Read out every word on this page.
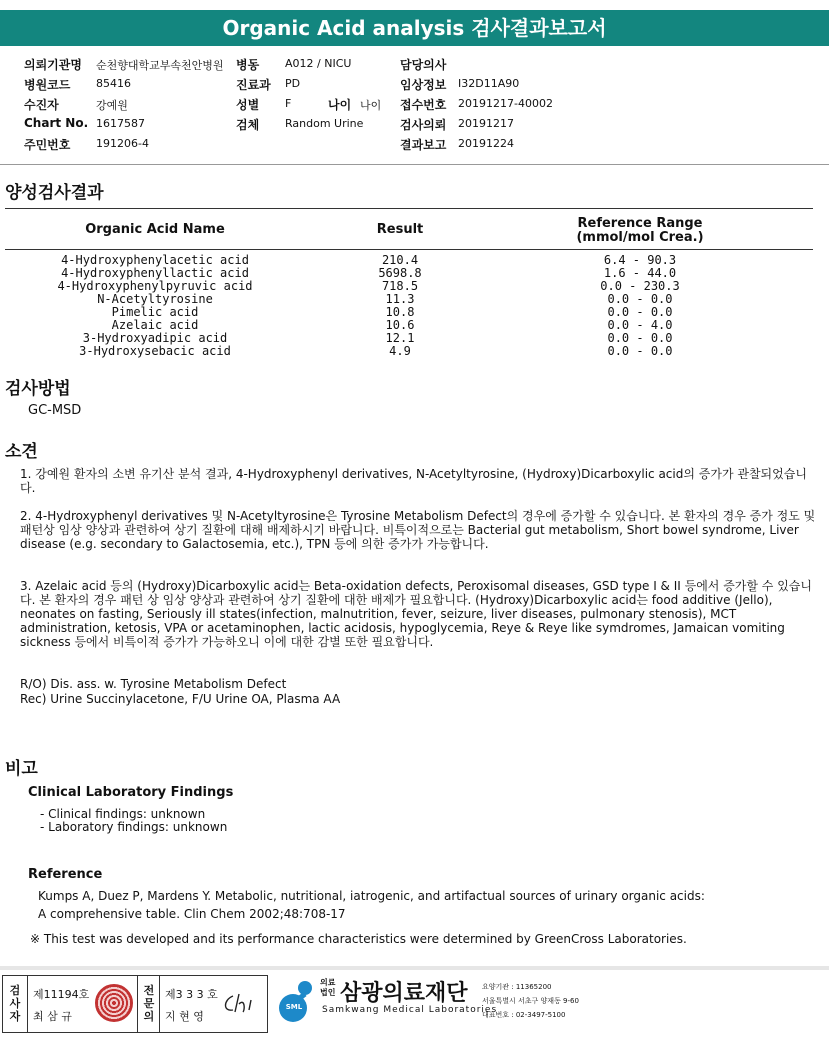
Organic Acid analysis 검사결과보고서
의뢰기관명 순천향대학교부속천안병원 병동 A012 / NICU	담당의사
병원코드 85416	진료과 PD	임상정보 I32D11A90
수진자	강예원	성별 F	나이 나이 접수번호 20191217-40002
Chart No. 1617587	검체 Random Urine	검사의뢰 20191217
주민번호 191206-4	결과보고 20191224
양성검사결과
Organic Acid Name	Result	Reference Range
(mmol/mol Crea.)
4-Hydroxyphenylacetic acid	210.4	6.4 - 90.3
4-Hydroxyphenyllactic acid	5698.8	1.6 - 44.0
4-Hydroxyphenylpyruvic acid	718.5	0.0 - 230.3
N-Acetyltyrosine	11.3	0.0 - 0.0
Pimelic acid	10.8	0.0 - 0.0
Azelaic acid	10.6	0.0 - 4.0
3-Hydroxyadipic acid	12.1	0.0 - 0.0
3-Hydroxysebacic acid	4.9	0.0 - 0.0
검사방법
GC-MSD
소견
1. 강예원 환자의 소변 유기산 분석 결과, 4-Hydroxyphenyl derivatives, N-Acetyltyrosine, (Hydroxy)Dicarboxylic acid의 증가가 관찰되었습니다.
2. 4-Hydroxyphenyl derivatives 및 N-Acetyltyrosine은 Tyrosine Metabolism Defect의 경우에 증가할 수 있습니다. 본 환자의 경우 증가 정도 및 패턴상 임상 양상과 관련하여 상기 질환에 대해 배제하시기 바랍니다. 비특이적으로는 Bacterial gut metabolism, Short bowel syndrome, Liver disease (e.g. secondary to Galactosemia, etc.), TPN 등에 의한 증가가 가능합니다.
3. Azelaic acid 등의 (Hydroxy)Dicarboxylic acid는 Beta-oxidation defects, Peroxisomal diseases, GSD type I & II 등에서 증가할 수 있습니다. 본 환자의 경우 패턴 상 임상 양상과 관련하여 상기 질환에 대한 배제가 필요합니다. (Hydroxy)Dicarboxylic acid는 food additive (Jello), neonates on fasting, Seriously ill states(infection, malnutrition, fever, seizure, liver diseases, pulmonary stenosis), MCT administration, ketosis, VPA or acetaminophen, lactic acidosis, hypoglycemia, Reye & Reye like symdromes, Jamaican vomiting sickness 등에서 비특이적 증가가 가능하오니 이에 대한 감별 또한 필요합니다.
R/O) Dis. ass. w. Tyrosine Metabolism Defect
Rec) Urine Succinylacetone, F/U Urine OA, Plasma AA
비고
Clinical Laboratory Findings
- Clinical findings: unknown
- Laboratory findings: unknown
Reference
Kumps A, Duez P, Mardens Y. Metabolic, nutritional, iatrogenic, and artifactual sources of urinary organic acids:
A comprehensive table. Clin Chem 2002;48:708-17
※ This test was developed and its performance characteristics were determined by GreenCross Laboratories.
검사자
제11194호
최 삼 규
전문의
제3 3 3 호
지 현 영
SML
의료
법인 삼광의료재단
Samkwang Medical Laboratories
요양기관 : 11365200
서울특별시 서초구 양재동 9-60
대표번호 : 02-3497-5100
